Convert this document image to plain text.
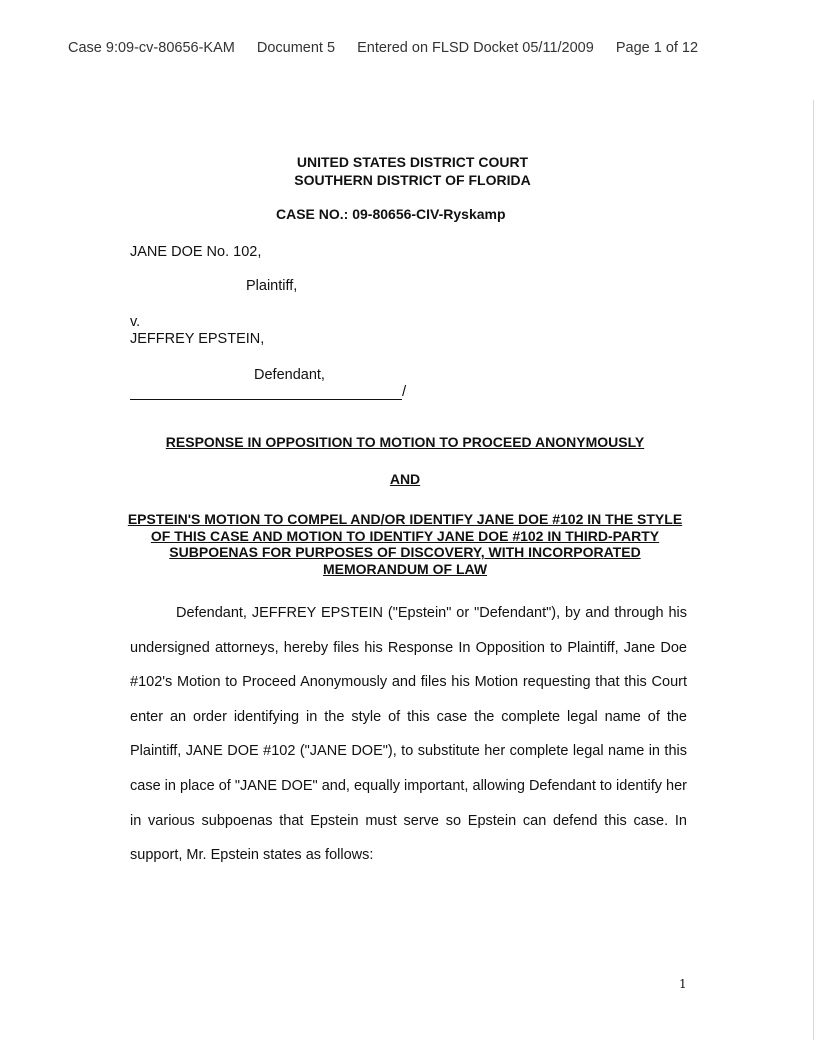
Case 9:09-cv-80656-KAM Document 5 Entered on FLSD Docket 05/11/2009 Page 1 of 12
UNITED STATES DISTRICT COURT
SOUTHERN DISTRICT OF FLORIDA
CASE NO.: 09-80656-CIV-Ryskamp
JANE DOE No. 102,
Plaintiff,
v.
JEFFREY EPSTEIN,
Defendant,
/
RESPONSE IN OPPOSITION TO MOTION TO PROCEED ANONYMOUSLY
AND
EPSTEIN'S MOTION TO COMPEL AND/OR IDENTIFY JANE DOE #102 IN THE STYLE OF THIS CASE AND MOTION TO IDENTIFY JANE DOE #102 IN THIRD-PARTY SUBPOENAS FOR PURPOSES OF DISCOVERY, WITH INCORPORATED MEMORANDUM OF LAW
Defendant, JEFFREY EPSTEIN ("Epstein" or "Defendant"), by and through his undersigned attorneys, hereby files his Response In Opposition to Plaintiff, Jane Doe #102's Motion to Proceed Anonymously and files his Motion requesting that this Court enter an order identifying in the style of this case the complete legal name of the Plaintiff, JANE DOE #102 ("JANE DOE"), to substitute her complete legal name in this case in place of "JANE DOE" and, equally important, allowing Defendant to identify her in various subpoenas that Epstein must serve so Epstein can defend this case. In support, Mr. Epstein states as follows:
1
